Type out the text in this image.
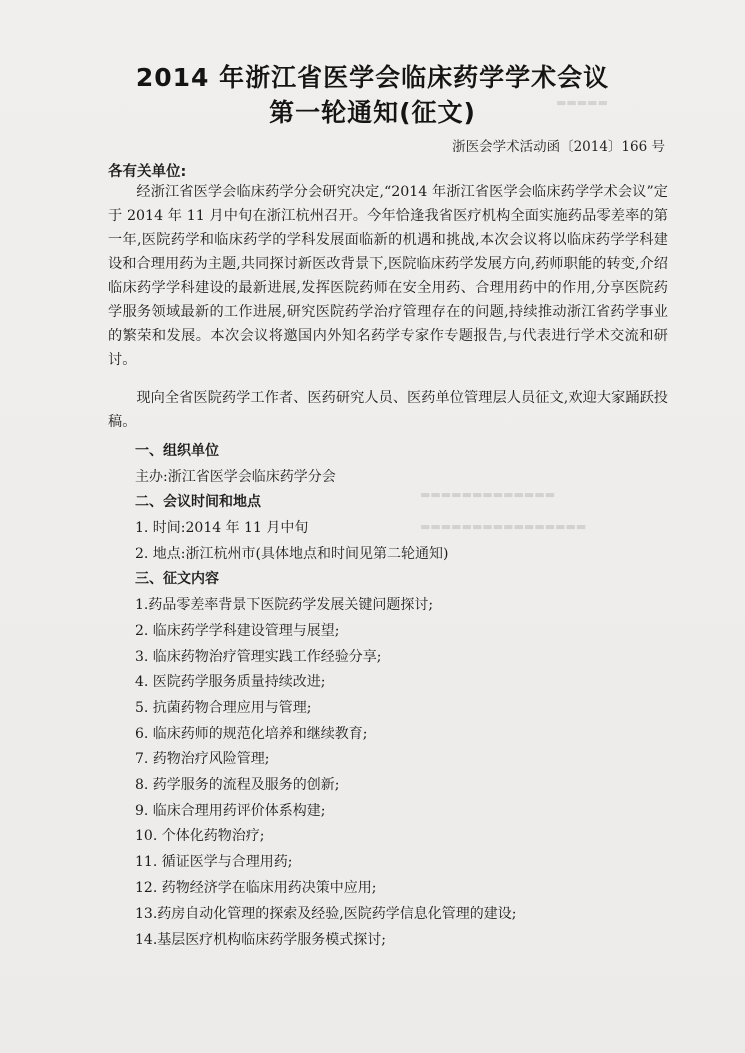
▬▬▬▬▬
▬▬▬▬▬▬▬▬▬▬▬▬▬
▬▬▬▬▬▬▬▬▬▬▬▬▬▬▬▬
2014 年浙江省医学会临床药学学术会议
第一轮通知(征文)
浙医会学术活动函〔2014〕166 号
各有关单位:

经浙江省医学会临床药学分会研究决定,“2014 年浙江省医学会临床药学学术会议”定于 2014 年 11 月中旬在浙江杭州召开。今年恰逢我省医疗机构全面实施药品零差率的第一年,医院药学和临床药学的学科发展面临新的机遇和挑战,本次会议将以临床药学学科建设和合理用药为主题,共同探讨新医改背景下,医院临床药学发展方向,药师职能的转变,介绍临床药学学科建设的最新进展,发挥医院药师在安全用药、合理用药中的作用,分享医院药学服务领域最新的工作进展,研究医院药学治疗管理存在的问题,持续推动浙江省药学事业的繁荣和发展。本次会议将邀国内外知名药学专家作专题报告,与代表进行学术交流和研讨。

现向全省医院药学工作者、医药研究人员、医药单位管理层人员征文,欢迎大家踊跃投稿。

一、组织单位
主办:浙江省医学会临床药学分会
二、会议时间和地点
1. 时间:2014 年 11 月中旬
2. 地点:浙江杭州市(具体地点和时间见第二轮通知)
三、征文内容
1.药品零差率背景下医院药学发展关键问题探讨;
2. 临床药学学科建设管理与展望;
3. 临床药物治疗管理实践工作经验分享;
4. 医院药学服务质量持续改进;
5. 抗菌药物合理应用与管理;
6. 临床药师的规范化培养和继续教育;
7. 药物治疗风险管理;
8. 药学服务的流程及服务的创新;
9. 临床合理用药评价体系构建;
10. 个体化药物治疗;
11. 循证医学与合理用药;
12. 药物经济学在临床用药决策中应用;
13.药房自动化管理的探索及经验,医院药学信息化管理的建设;
14.基层医疗机构临床药学服务模式探讨;
